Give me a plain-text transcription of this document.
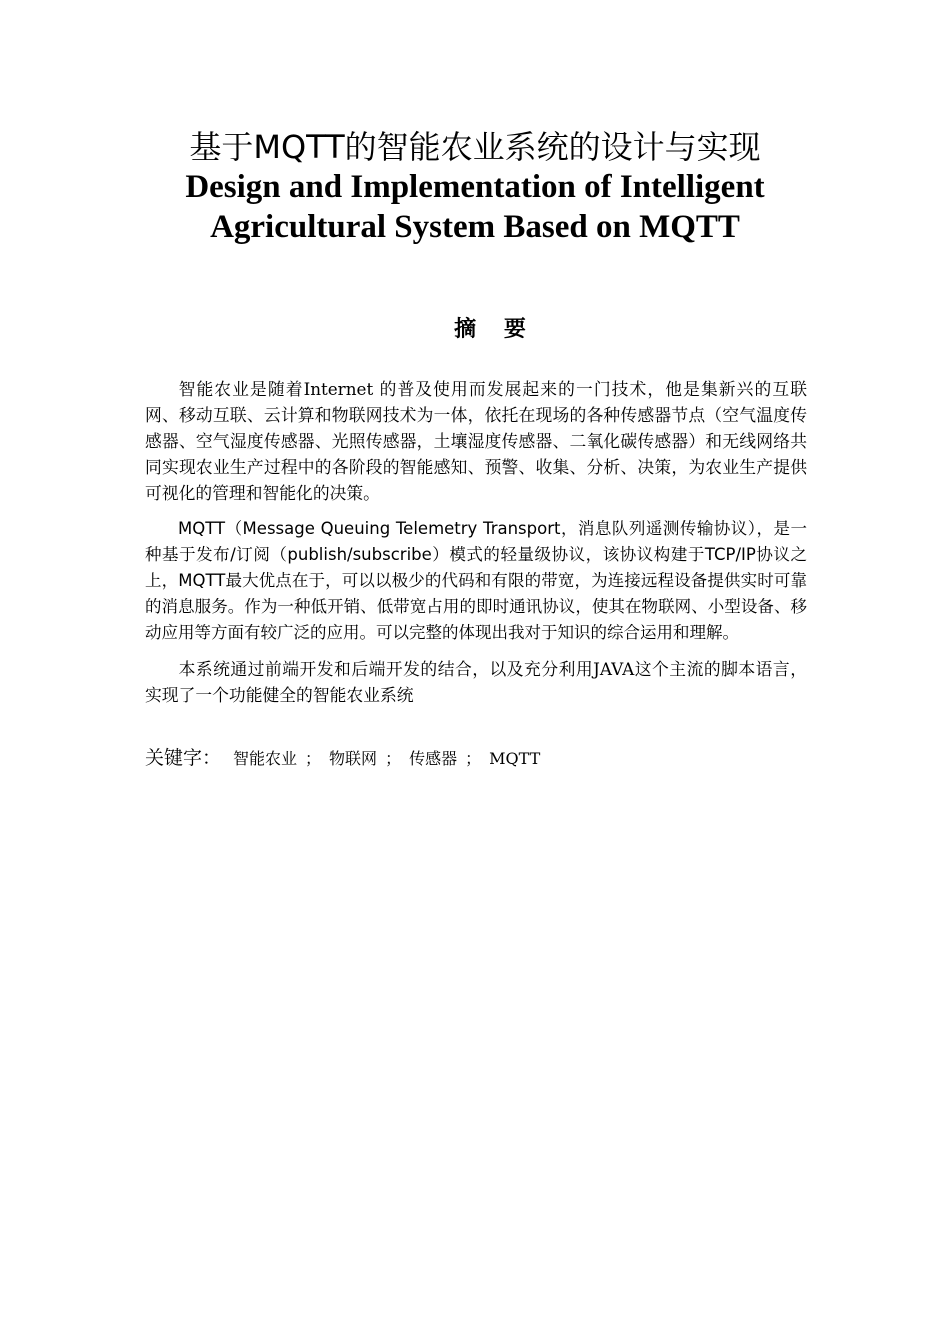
基于MQTT的智能农业系统的设计与实现
Design and Implementation of Intelligent Agricultural System Based on MQTT
摘 要

智能农业是随着Internet 的普及使用而发展起来的一门技术，他是集新兴的互联网、移动互联、云计算和物联网技术为一体，依托在现场的各种传感器节点（空气温度传感器、空气湿度传感器、光照传感器，土壤湿度传感器、二氧化碳传感器）和无线网络共同实现农业生产过程中的各阶段的智能感知、预警、收集、分析、决策，为农业生产提供可视化的管理和智能化的决策。

MQTT（Message Queuing Telemetry Transport，消息队列遥测传输协议），是一种基于发布/订阅（publish/subscribe）模式的轻量级协议，该协议构建于TCP/IP协议之上，MQTT最大优点在于，可以以极少的代码和有限的带宽，为连接远程设备提供实时可靠的消息服务。作为一种低开销、低带宽占用的即时通讯协议，使其在物联网、小型设备、移动应用等方面有较广泛的应用。可以完整的体现出我对于知识的综合运用和理解。

本系统通过前端开发和后端开发的结合，以及充分利用JAVA这个主流的脚本语言，实现了一个功能健全的智能农业系统

关键字： 智能农业 ； 物联网 ； 传感器 ； MQTT
